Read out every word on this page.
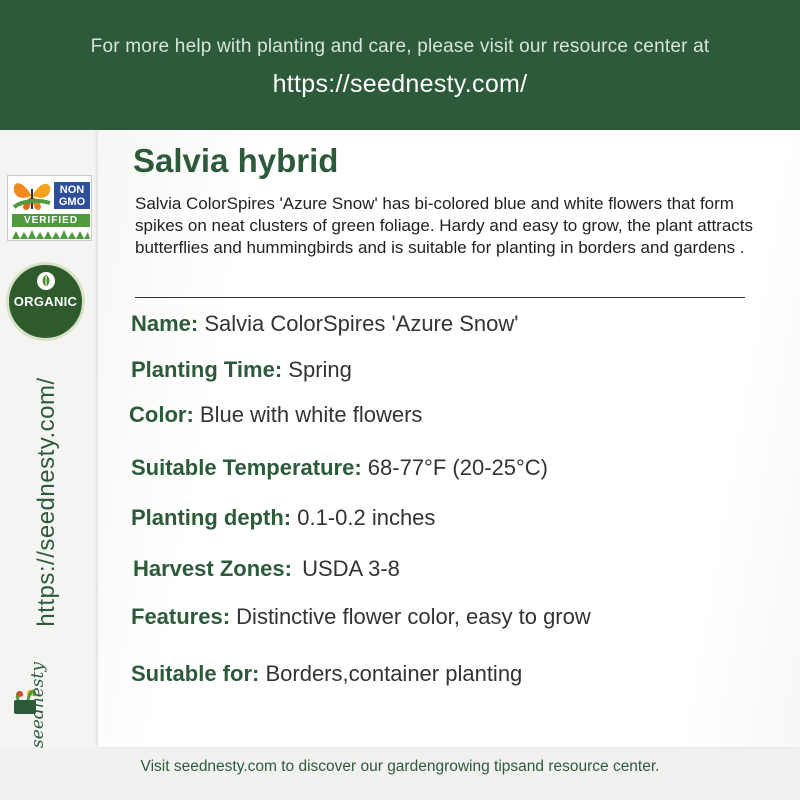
For more help with planting and care, please visit our resource center at
https://seednesty.com/
NON GMO
VERIFIED
ORGANIC
https://seednesty.com/
seednesty
Salvia hybrid
Salvia ColorSpires 'Azure Snow' has bi-colored blue and white flowers that form spikes on neat clusters of green foliage. Hardy and easy to grow, the plant attracts butterflies and hummingbirds and is suitable for planting in borders and gardens .
Name: Salvia ColorSpires 'Azure Snow'
Planting Time: Spring
Color: Blue with white flowers
Suitable Temperature: 68-77°F (20-25°C)
Planting depth: 0.1-0.2 inches
Harvest Zones: USDA 3-8
Features: Distinctive flower color, easy to grow
Suitable for: Borders,container planting
Visit seednesty.com to discover our gardengrowing tipsand resource center.
